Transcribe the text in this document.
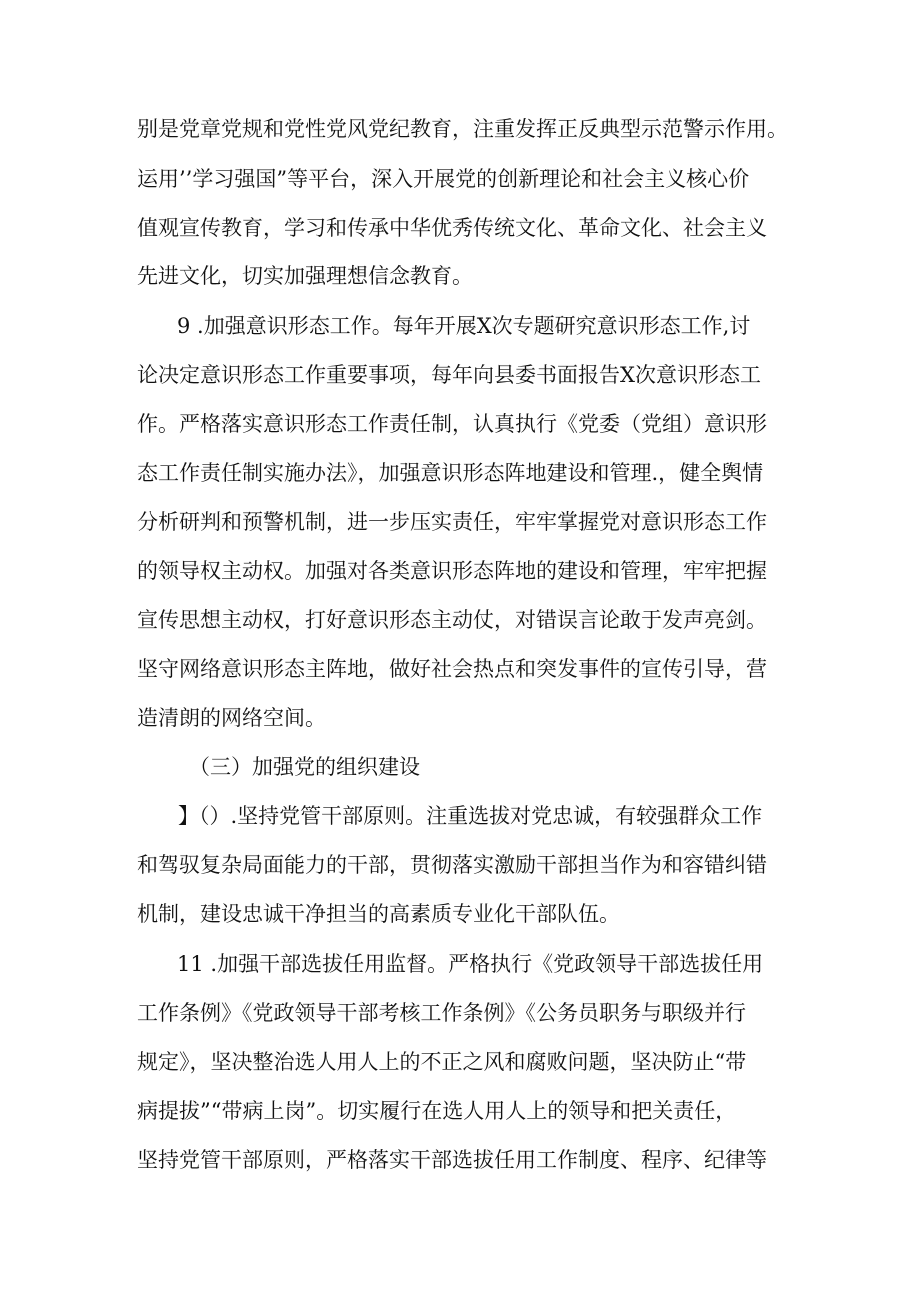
别是党章党规和党性党风党纪教育，注重发挥正反典型示范警示作用。
运用’’学习强国”等平台，深入开展党的创新理论和社会主义核心价
值观宣传教育，学习和传承中华优秀传统文化、革命文化、社会主义
先进文化，切实加强理想信念教育。
9 .加强意识形态工作。每年开展X次专题研究意识形态工作,讨
论决定意识形态工作重要事项，每年向县委书面报告X次意识形态工
作。严格落实意识形态工作责任制，认真执行《党委（党组）意识形
态工作责任制实施办法》，加强意识形态阵地建设和管理.，健全舆情
分析研判和预警机制，进一步压实责任，牢牢掌握党对意识形态工作
的领导权主动权。加强对各类意识形态阵地的建设和管理，牢牢把握
宣传思想主动权，打好意识形态主动仗，对错误言论敢于发声亮剑。
坚守网络意识形态主阵地，做好社会热点和突发事件的宣传引导，营
造清朗的网络空间。
（三）加强党的组织建设
】（）.坚持党管干部原则。注重选拔对党忠诚，有较强群众工作
和驾驭复杂局面能力的干部，贯彻落实激励干部担当作为和容错纠错
机制，建设忠诚干净担当的高素质专业化干部队伍。
11 .加强干部选拔任用监督。严格执行《党政领导干部选拔任用
工作条例》《党政领导干部考核工作条例》《公务员职务与职级并行
规定》，坚决整治选人用人上的不正之风和腐败问题，坚决防止“带
病提拔”“带病上岗”。切实履行在选人用人上的领导和把关责任，
坚持党管干部原则，严格落实干部选拔任用工作制度、程序、纪律等
